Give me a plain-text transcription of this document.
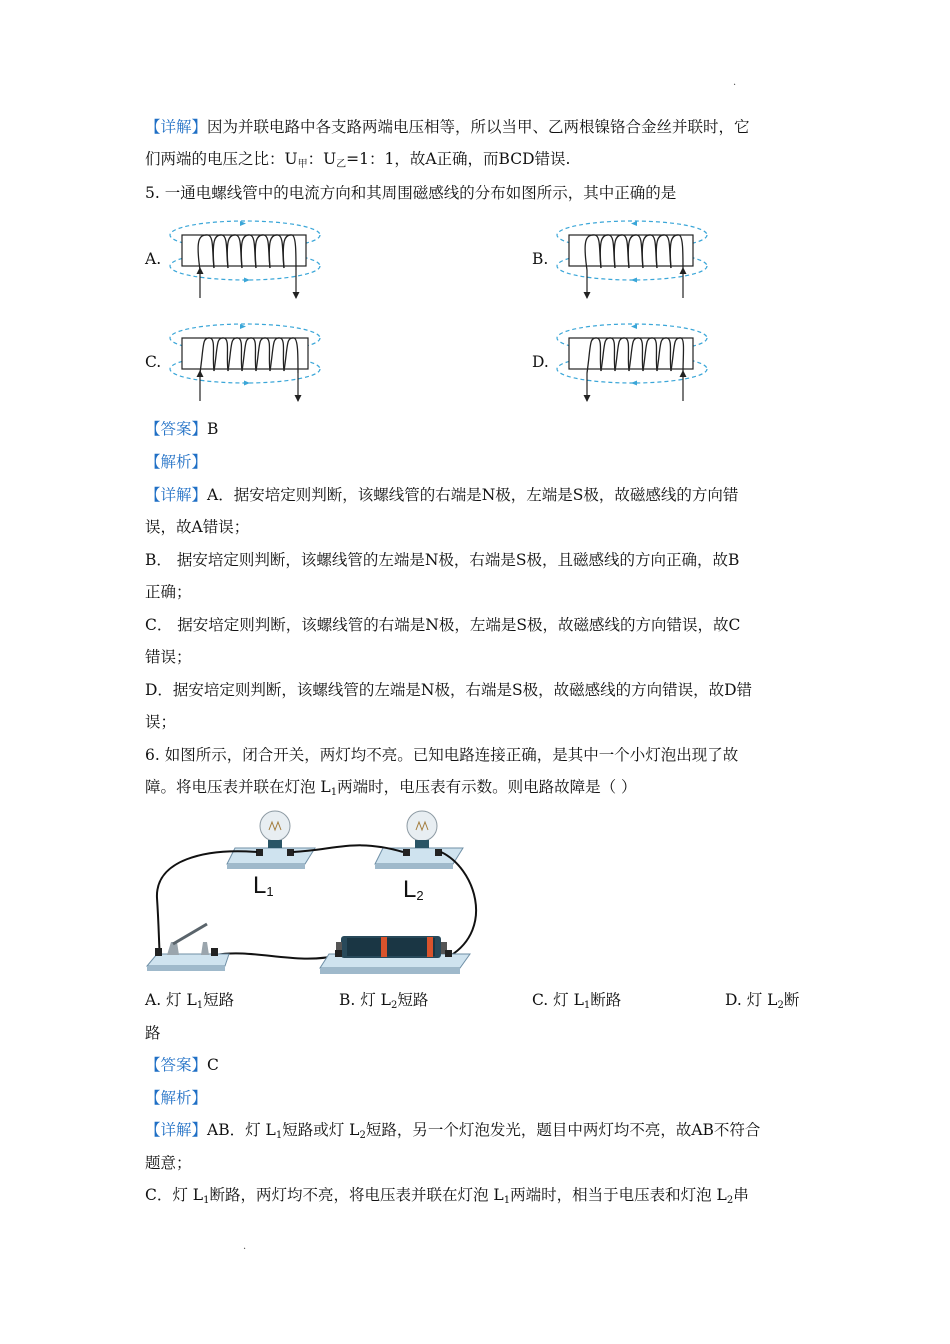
·
【详解】因为并联电路中各支路两端电压相等，所以当甲、乙两根镍铬合金丝并联时，它
们两端的电压之比：$U_甲$：$U_乙=1$：1，故A正确，而BCD错误.
5. 一通电螺线管中的电流方向和其周围磁感线的分布如图所示，其中正确的是
A.	B.
C.	D.
【答案】B
【解析】
【详解】A．据安培定则判断，该螺线管的右端是N极，左端是S极，故磁感线的方向错
误，故A错误；
B． 据安培定则判断，该螺线管的左端是N极，右端是S极，且磁感线的方向正确，故B
正确；
C． 据安培定则判断，该螺线管的右端是N极，左端是S极，故磁感线的方向错误，故C
错误；
D．据安培定则判断，该螺线管的左端是N极，右端是S极，故磁感线的方向错误，故D错
误；
6. 如图所示，闭合开关，两灯均不亮。已知电路连接正确，是其中一个小灯泡出现了故
障。将电压表并联在灯泡 $L_1$两端时，电压表有示数。则电路故障是（ ）
$L_1$	$L_2$
A. 灯 $L_1$短路	B. 灯 $L_2$短路	C. 灯 $L_1$断路	D. 灯 $L_2$断
路
【答案】C
【解析】
【详解】AB．灯 $L_1$短路或灯 $L_2$短路，另一个灯泡发光，题目中两灯均不亮，故AB不符合
题意；
C．灯 $L_1$断路，两灯均不亮，将电压表并联在灯泡 $L_1$两端时，相当于电压表和灯泡 $L_2$串
·
